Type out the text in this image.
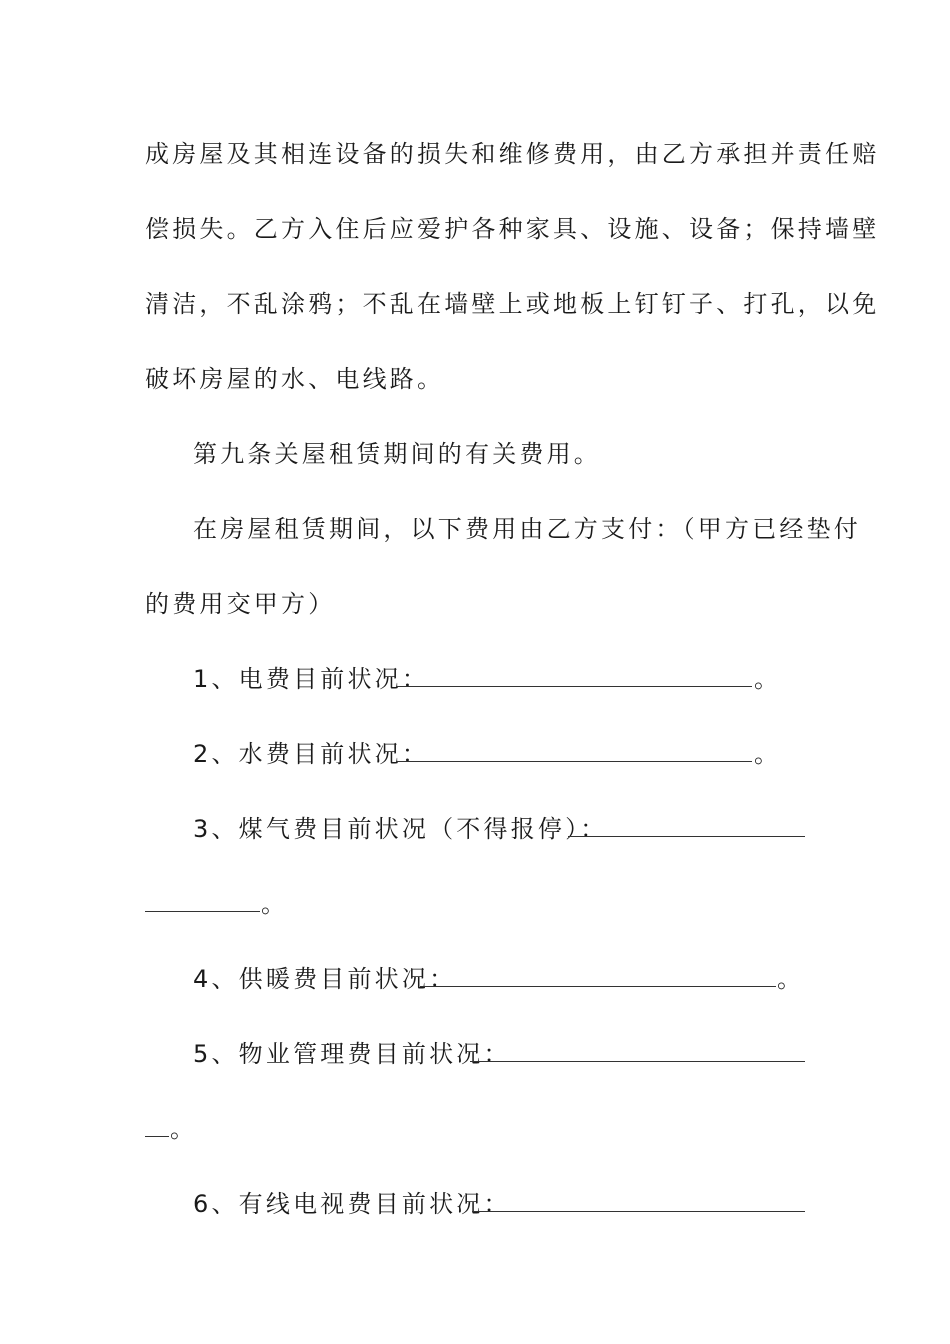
成房屋及其相连设备的损失和维修费用，由乙方承担并责任赔
偿损失。乙方入住后应爱护各种家具、设施、设备；保持墙壁
清洁，不乱涂鸦；不乱在墙壁上或地板上钉钉子、打孔，以免
破坏房屋的水、电线路。
第九条关屋租赁期间的有关费用。
在房屋租赁期间，以下费用由乙方支付：（甲方已经垫付
的费用交甲方）
1、电费目前状况：	。
2、水费目前状况：	。
3、煤气费目前状况（不得报停）：
。
4、供暖费目前状况：	。
5、物业管理费目前状况：
。
6、有线电视费目前状况：
